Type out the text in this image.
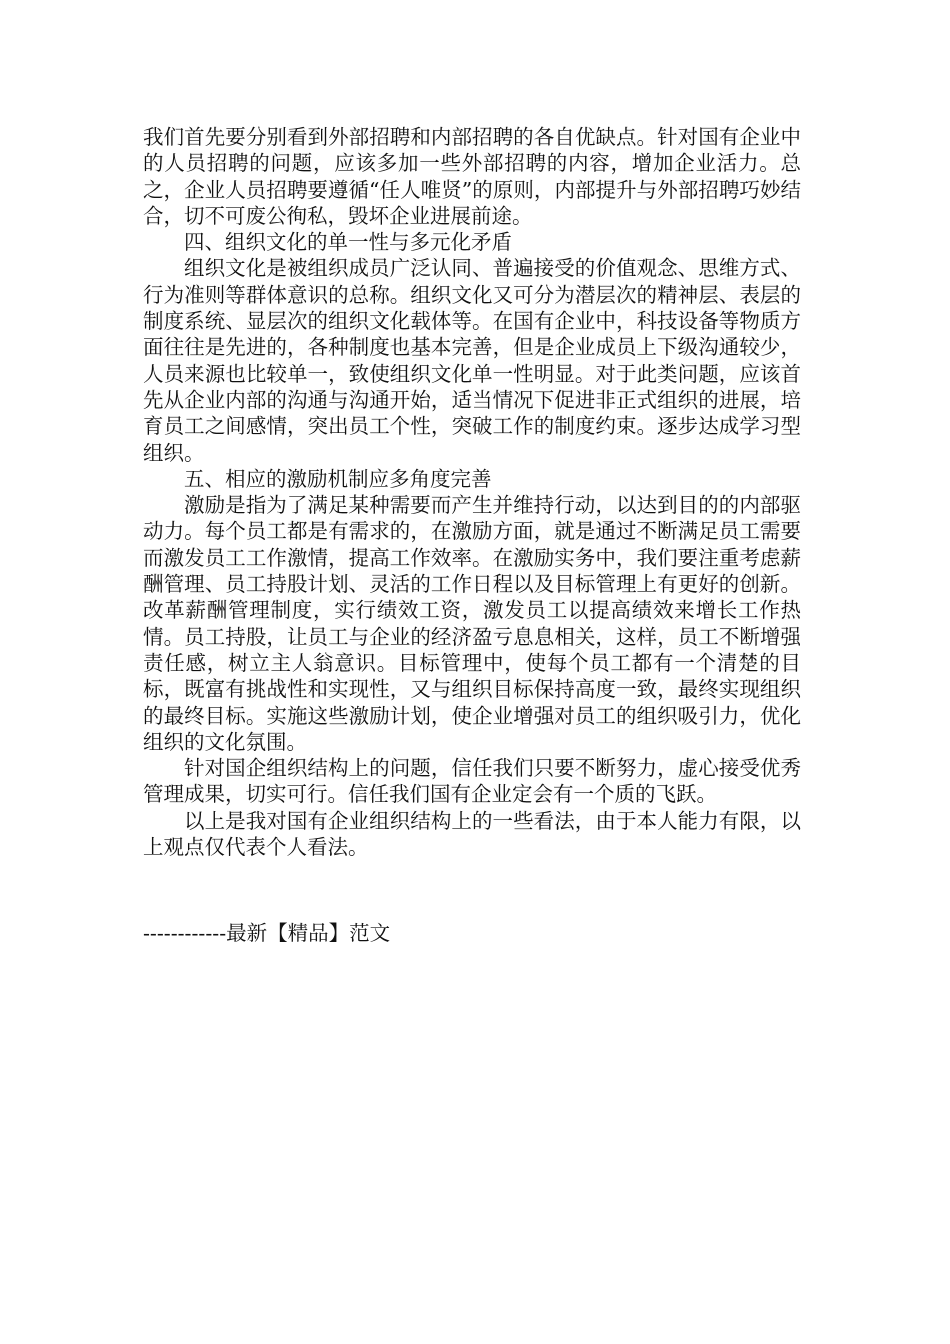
我们首先要分别看到外部招聘和内部招聘的各自优缺点。针对国有企业中的人员招聘的问题，应该多加一些外部招聘的内容，增加企业活力。总之，企业人员招聘要遵循“任人唯贤”的原则，内部提升与外部招聘巧妙结合，切不可废公徇私，毁坏企业进展前途。

四、组织文化的单一性与多元化矛盾

组织文化是被组织成员广泛认同、普遍接受的价值观念、思维方式、行为准则等群体意识的总称。组织文化又可分为潜层次的精神层、表层的制度系统、显层次的组织文化载体等。在国有企业中，科技设备等物质方面往往是先进的，各种制度也基本完善，但是企业成员上下级沟通较少，人员来源也比较单一，致使组织文化单一性明显。对于此类问题，应该首先从企业内部的沟通与沟通开始，适当情况下促进非正式组织的进展，培育员工之间感情，突出员工个性，突破工作的制度约束。逐步达成学习型组织。

五、相应的激励机制应多角度完善

激励是指为了满足某种需要而产生并维持行动，以达到目的的内部驱动力。每个员工都是有需求的，在激励方面，就是通过不断满足员工需要而激发员工工作激情，提高工作效率。在激励实务中，我们要注重考虑薪酬管理、员工持股计划、灵活的工作日程以及目标管理上有更好的创新。改革薪酬管理制度，实行绩效工资，激发员工以提高绩效来增长工作热情。员工持股，让员工与企业的经济盈亏息息相关，这样，员工不断增强责任感，树立主人翁意识。目标管理中，使每个员工都有一个清楚的目标，既富有挑战性和实现性，又与组织目标保持高度一致，最终实现组织的最终目标。实施这些激励计划，使企业增强对员工的组织吸引力，优化组织的文化氛围。

针对国企组织结构上的问题，信任我们只要不断努力，虚心接受优秀管理成果，切实可行。信任我们国有企业定会有一个质的飞跃。

以上是我对国有企业组织结构上的一些看法，由于本人能力有限，以上观点仅代表个人看法。

------------最新【精品】范文
